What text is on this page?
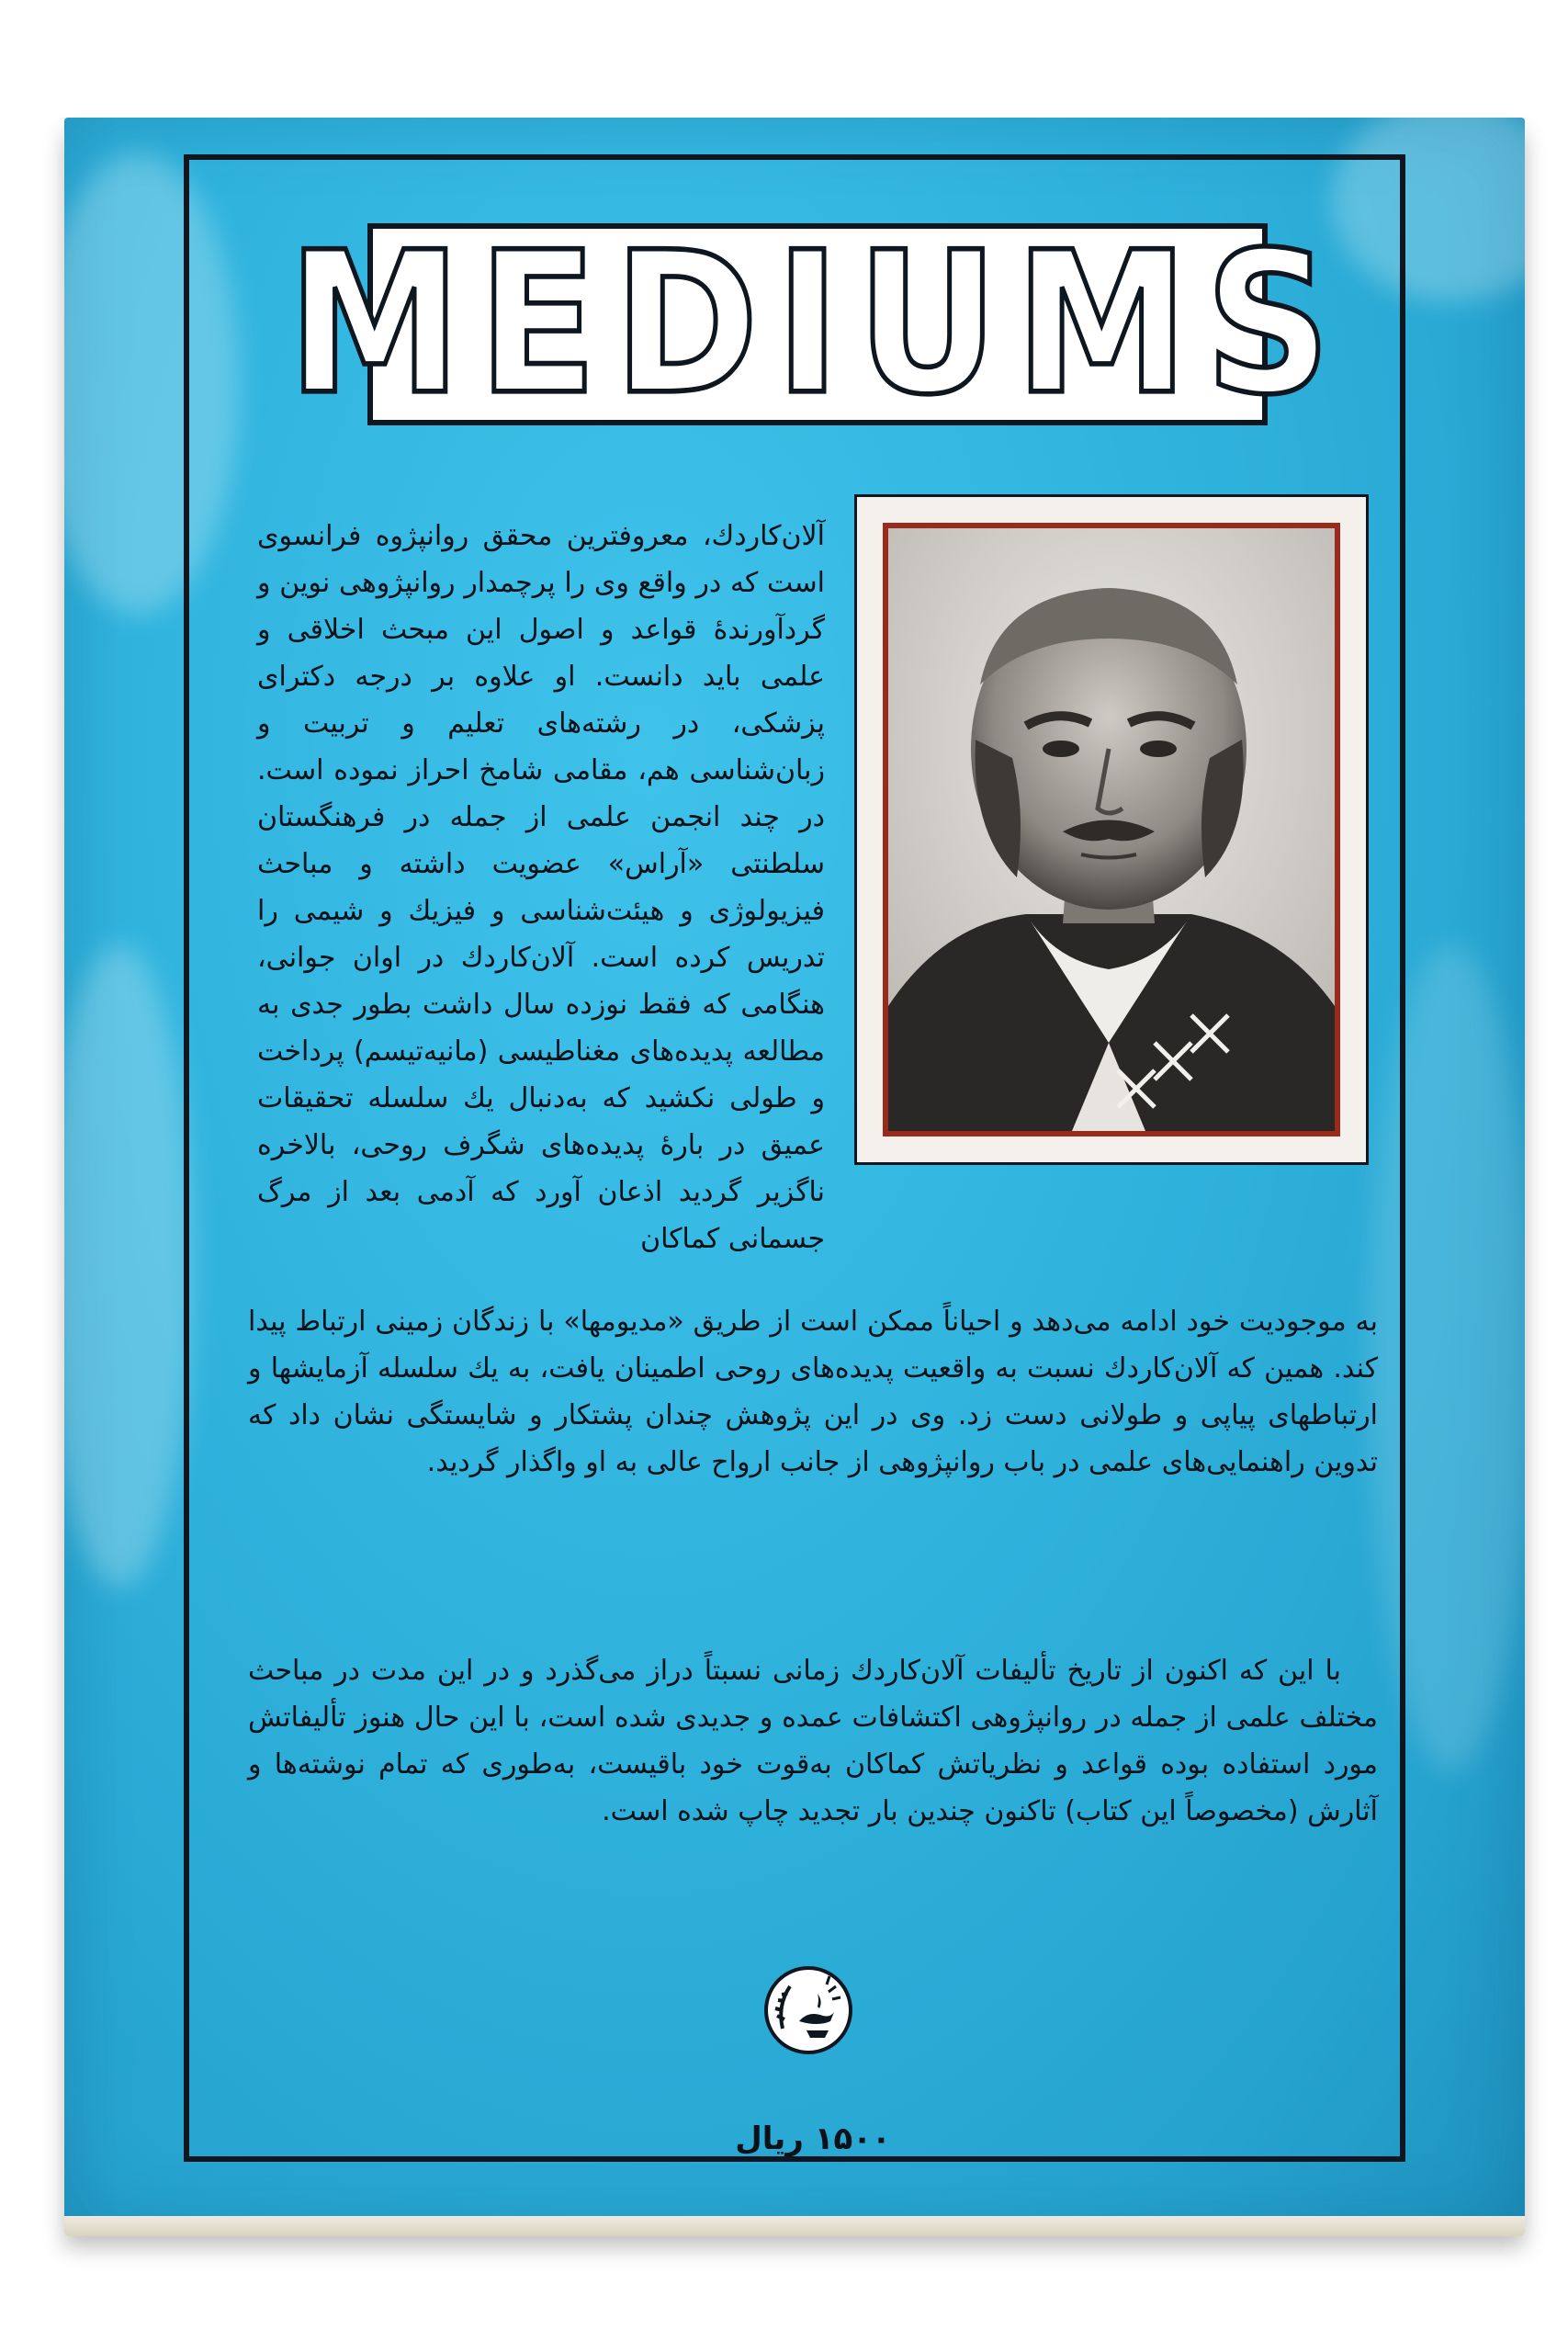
MEDIUMS

آلان‌کاردك، معروفترین محقق روانپژوه فرانسوی است که در واقع وی را پرچمدار روانپژوهی نوین و گردآورندهٔ قواعد و اصول این مبحث اخلاقی و علمی باید دانست. او علاوه بر درجه دکترای پزشکی، در رشته‌های تعلیم و تربیت و زبان‌شناسی هم، مقامی شامخ احراز نموده است. در چند انجمن علمی از جمله در فرهنگستان سلطنتی «آراس» عضویت داشته و مباحث فیزیولوژی و هیئت‌شناسی و فیزیك و شیمی را تدریس کرده است. آلان‌کاردك در اوان جوانی، هنگامی که فقط نوزده سال داشت بطور جدی به مطالعه پدیده‌های مغناطیسی (مانیه‌تیسم) پرداخت و طولی نکشید که به‌دنبال یك سلسله تحقیقات عمیق در بارهٔ پدیده‌های شگرف روحی، بالاخره ناگزیر گردید اذعان آورد که آدمی بعد از مرگ جسمانی کماکان

به موجودیت خود ادامه می‌دهد و احیاناً ممکن است از طریق «مدیومها» با زندگان زمینی ارتباط پیدا کند. همین که آلان‌کاردك نسبت به واقعیت پدیده‌های روحی اطمینان یافت، به یك سلسله آزمایشها و ارتباطهای پیاپی و طولانی دست زد. وی در این پژوهش چندان پشتکار و شایستگی نشان داد که تدوین راهنمایی‌های علمی در باب روانپژوهی از جانب ارواح عالی به او واگذار گردید.

با این که اکنون از تاریخ تألیفات آلان‌کاردك زمانی نسبتاً دراز می‌گذرد و در این مدت در مباحث مختلف علمی از جمله در روانپژوهی اکتشافات عمده و جدیدی شده است، با این حال هنوز تألیفاتش مورد استفاده بوده قواعد و نظریاتش کماکان به‌قوت خود باقیست، به‌طوری که تمام نوشته‌ها و آثارش (مخصوصاً این کتاب) تاکنون چندین بار تجدید چاپ شده است.

۱۵۰۰ ریال
